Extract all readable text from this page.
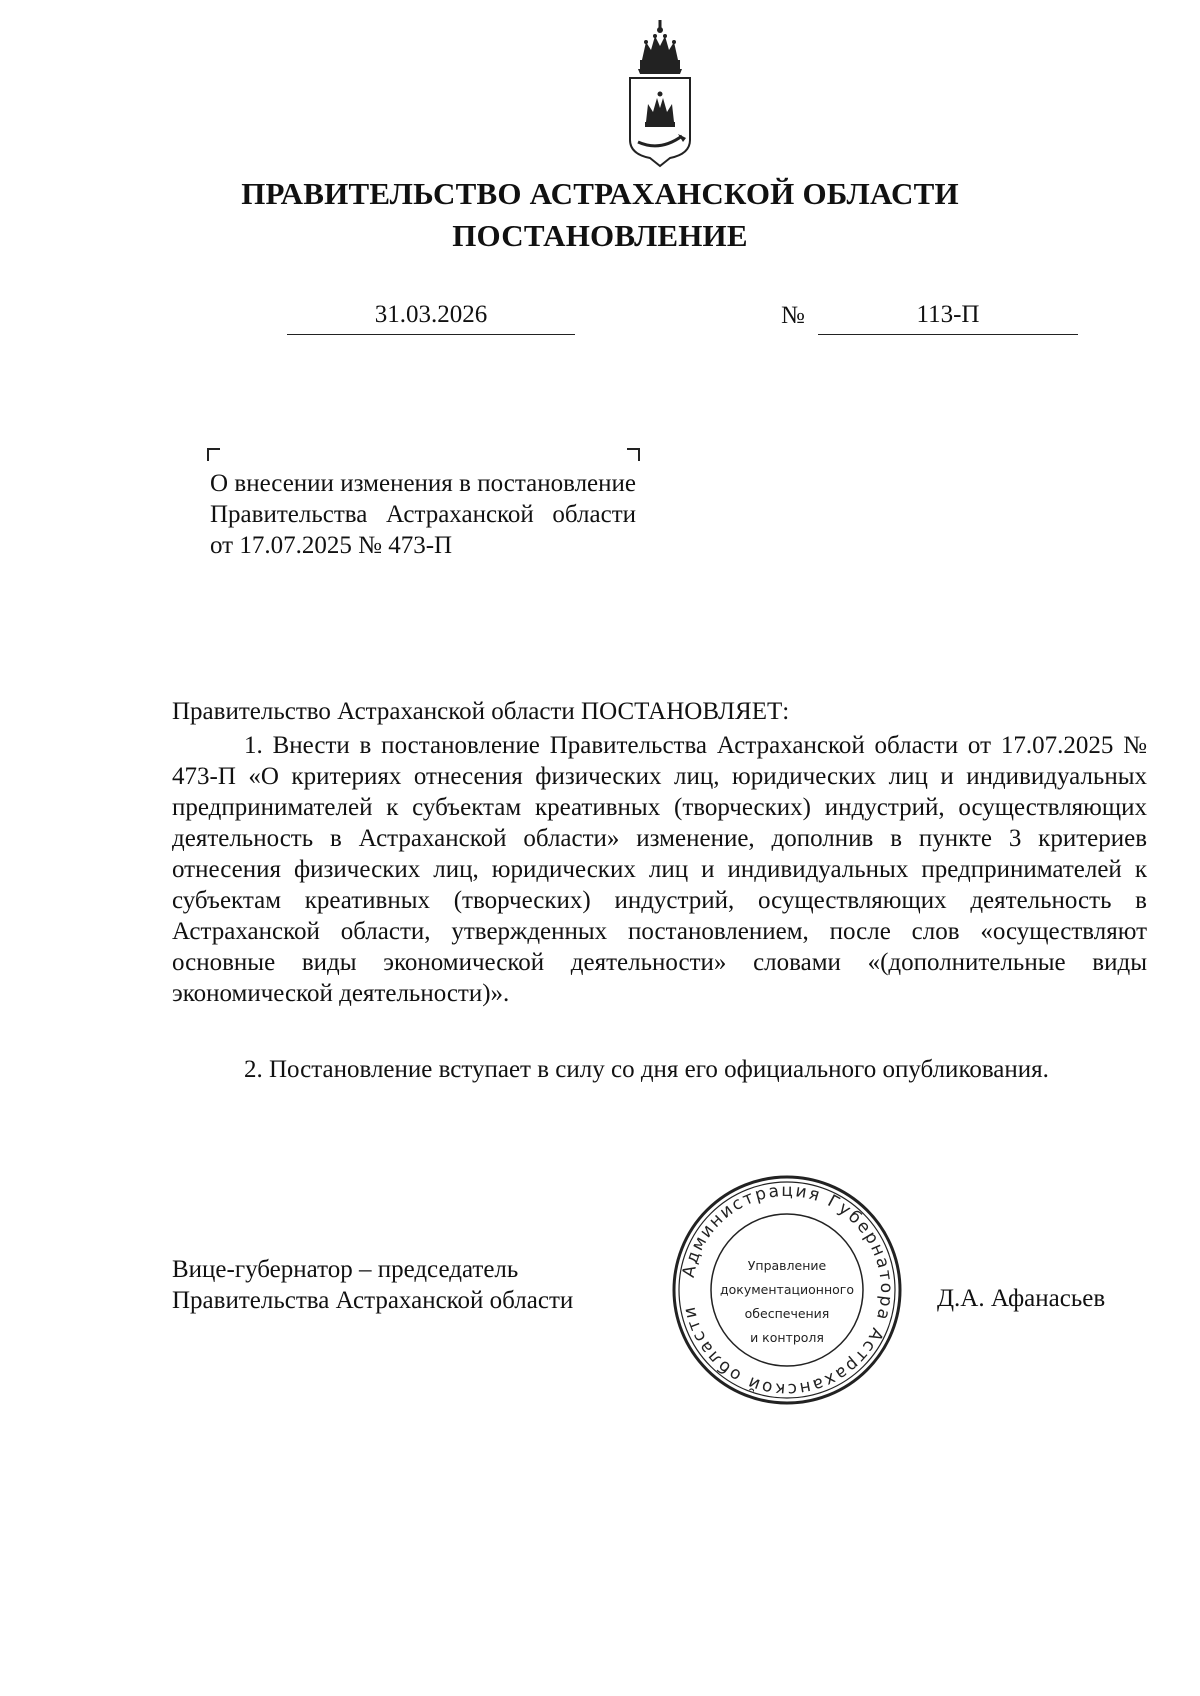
ПРАВИТЕЛЬСТВО АСТРАХАНСКОЙ ОБЛАСТИ
ПОСТАНОВЛЕНИЕ
31.03.2026	№	113-П
О внесении изменения в постановление Правительства Астраханской области от 17.07.2025 № 473-П
Правительство Астраханской области ПОСТАНОВЛЯЕТ:
1. Внести в постановление Правительства Астраханской области от 17.07.2025 № 473-П «О критериях отнесения физических лиц, юридических лиц и индивидуальных предпринимателей к субъектам креативных (творческих) индустрий, осуществляющих деятельность в Астраханской области» изменение, дополнив в пункте 3 критериев отнесения физических лиц, юридических лиц и индивидуальных предпринимателей к субъектам креативных (творческих) индустрий, осуществляющих деятельность в Астраханской области, утвержденных постановлением, после слов «осуществляют основные виды экономической деятельности» словами «(дополнительные виды экономической деятельности)».
2. Постановление вступает в силу со дня его официального опубликования.
Вице-губернатор – председатель
Правительства Астраханской области	Д.А. Афанасьев
Администрация Губернатора Астраханской области
Управление
документационного
обеспечения
и контроля
